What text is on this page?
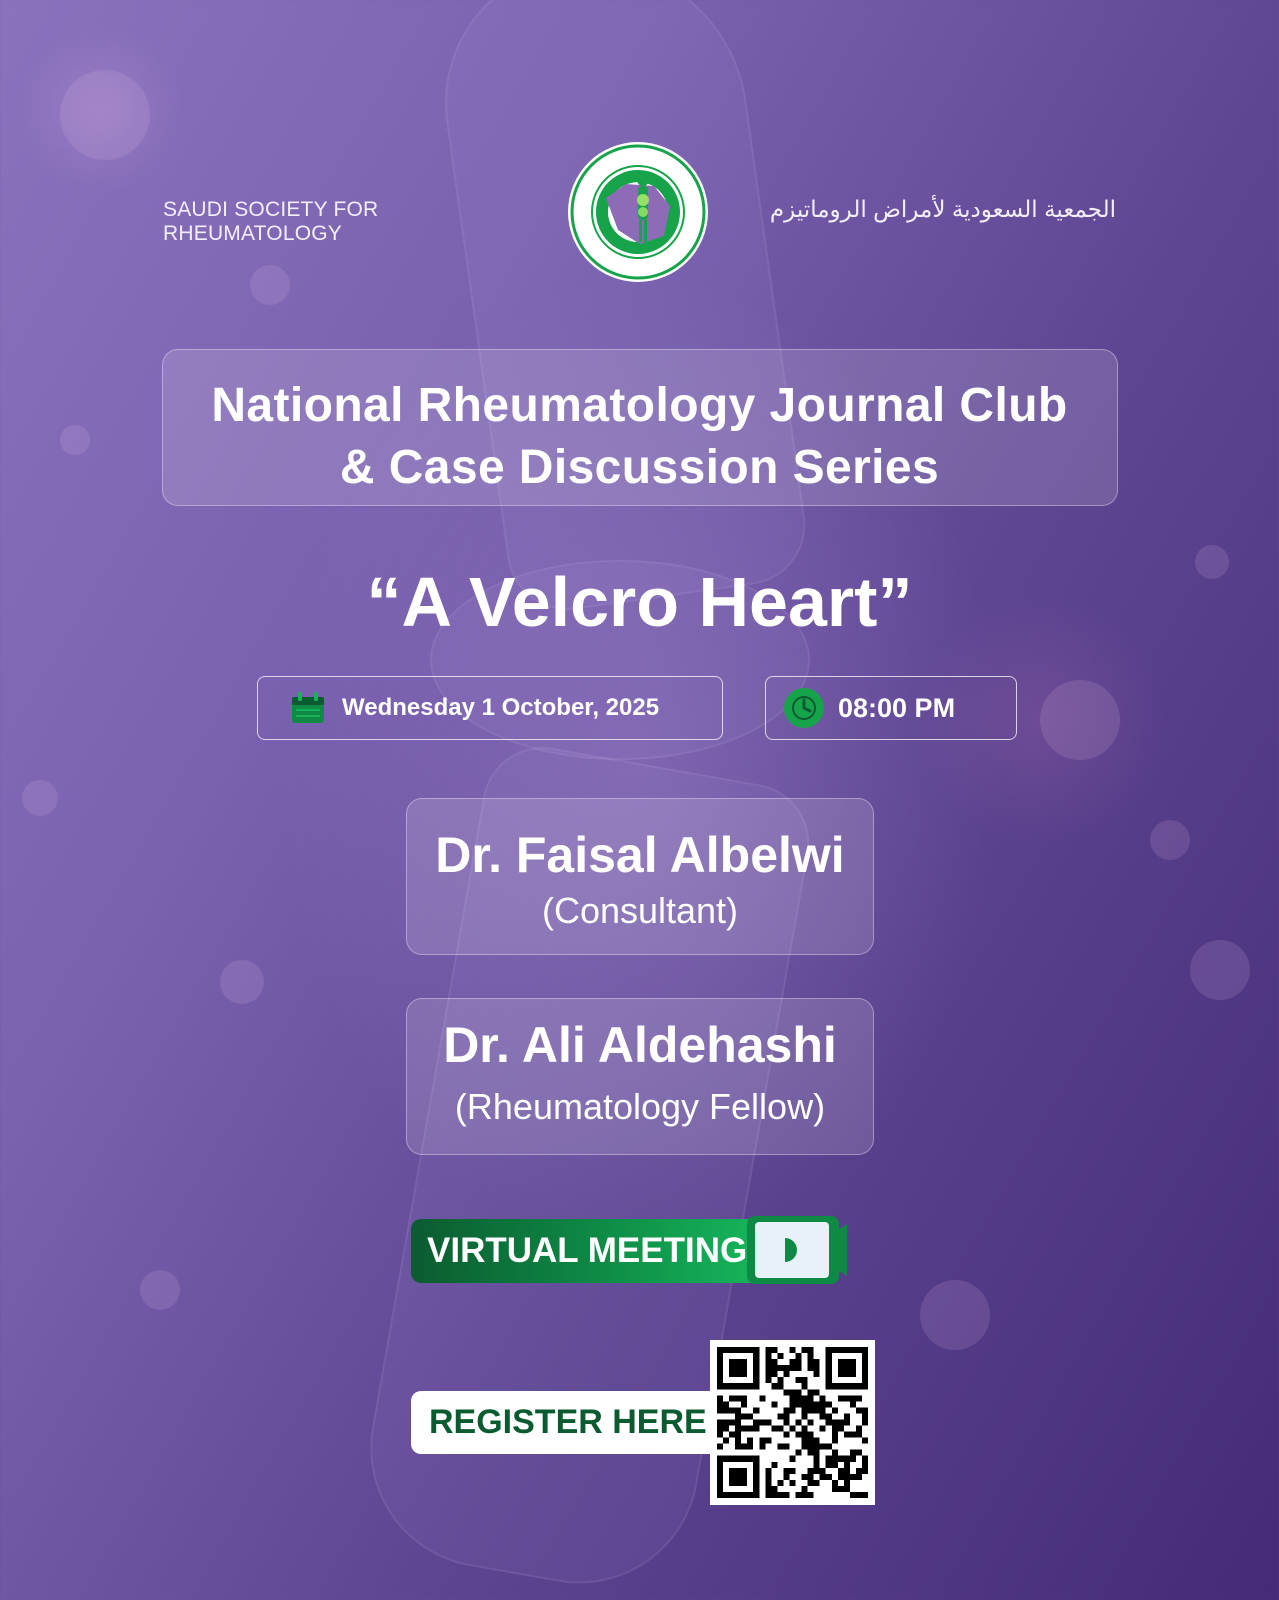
SAUDI SOCIETY FOR RHEUMATOLOGY
الجمعية السعودية لأمراض الروماتيزم
National Rheumatology Journal Club
& Case Discussion Series
“A Velcro Heart”
Wednesday 1 October, 2025	08:00 PM
Dr. Faisal Albelwi
(Consultant)
Dr. Ali Aldehashi
(Rheumatology Fellow)
VIRTUAL MEETING
REGISTER HERE
